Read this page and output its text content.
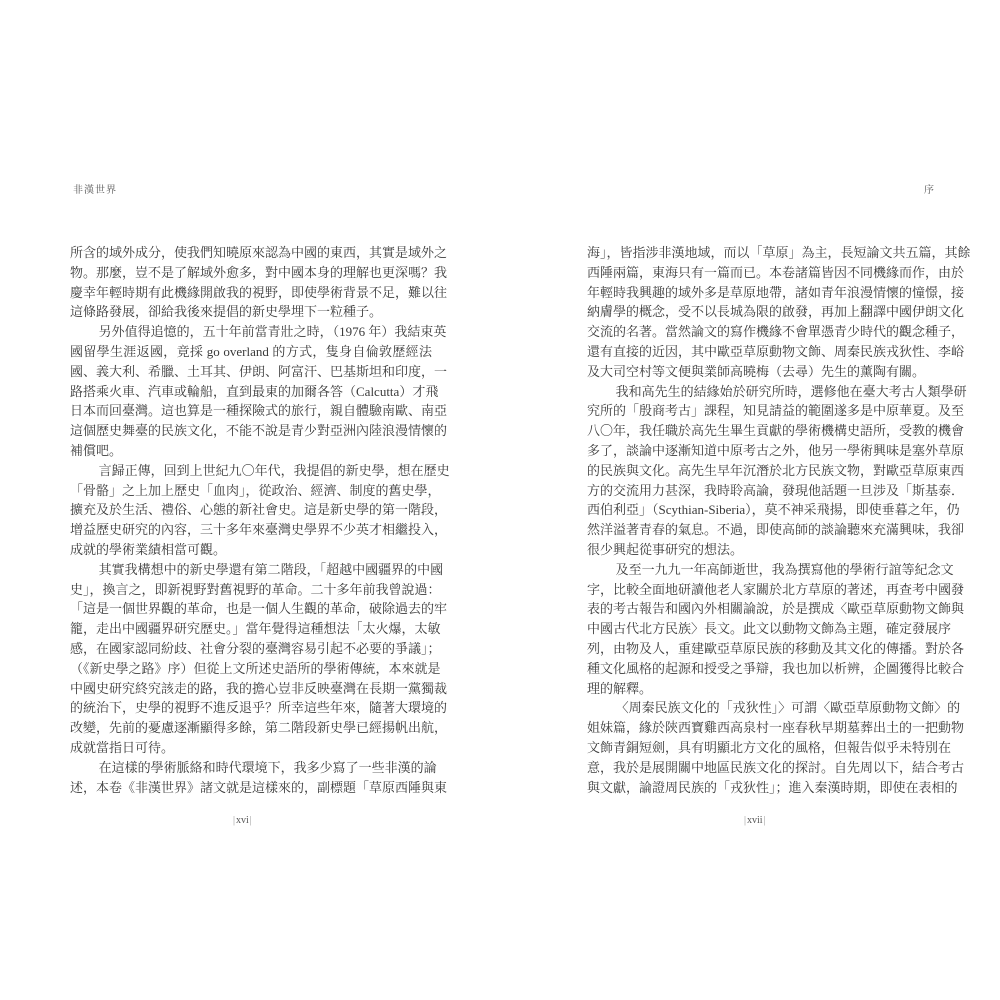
非漢世界	序
所含的域外成分，使我們知曉原來認為中國的東西，其實是域外之
物。那麼，豈不是了解域外愈多，對中國本身的理解也更深嗎？我
慶幸年輕時期有此機緣開啟我的視野，即使學術背景不足，難以往
這條路發展，卻給我後來提倡的新史學埋下一粒種子。
另外值得追憶的，五十年前當青壯之時，（1976 年）我結束英
國留學生涯返國，竟採 go overland 的方式，隻身自倫敦歷經法
國、義大利、希臘、土耳其、伊朗、阿富汗、巴基斯坦和印度，一
路搭乘火車、汽車或輪船，直到最東的加爾各答（Calcutta）才飛
日本而回臺灣。這也算是一種探險式的旅行，親自體驗南歐、南亞
這個歷史舞臺的民族文化，不能不說是青少對亞洲內陸浪漫情懷的
補償吧。
言歸正傳，回到上世紀九〇年代，我提倡的新史學，想在歷史
「骨骼」之上加上歷史「血肉」，從政治、經濟、制度的舊史學，
擴充及於生活、禮俗、心態的新社會史。這是新史學的第一階段，
增益歷史研究的內容，三十多年來臺灣史學界不少英才相繼投入，
成就的學術業績相當可觀。
其實我構想中的新史學還有第二階段，「超越中國疆界的中國
史」，換言之，即新視野對舊視野的革命。二十多年前我曾說過：
「這是一個世界觀的革命，也是一個人生觀的革命，破除過去的牢
籠，走出中國疆界研究歷史。」當年覺得這種想法「太火爆，太敏
感，在國家認同紛歧、社會分裂的臺灣容易引起不必要的爭議」；
（《新史學之路》序）但從上文所述史語所的學術傳統，本來就是
中國史研究終究該走的路，我的擔心豈非反映臺灣在長期一黨獨裁
的統治下，史學的視野不進反退乎？所幸這些年來，隨著大環境的
改變，先前的憂慮逐漸顯得多餘，第二階段新史學已經揚帆出航，
成就當指日可待。
在這樣的學術脈絡和時代環境下，我多少寫了一些非漢的論
述，本卷《非漢世界》諸文就是這樣來的，副標題「草原西陲與東
海」，皆指涉非漢地域，而以「草原」為主，長短論文共五篇，其餘
西陲兩篇，東海只有一篇而已。本卷諸篇皆因不同機緣而作，由於
年輕時我興趣的域外多是草原地帶，諸如青年浪漫情懷的憧憬，接
納膚學的概念，受不以長城為限的啟發，再加上翻譯中國伊朗文化
交流的名著。當然論文的寫作機緣不會單憑青少時代的觀念種子，
還有直接的近因，其中歐亞草原動物文飾、周秦民族戎狄性、李峪
及大司空村等文便與業師高曉梅（去尋）先生的薰陶有關。
我和高先生的結緣始於研究所時，選修他在臺大考古人類學研
究所的「殷商考古」課程，知見請益的範圍遂多是中原華夏。及至
八〇年，我任職於高先生畢生貢獻的學術機構史語所，受教的機會
多了，談論中逐漸知道中原考古之外，他另一學術興味是塞外草原
的民族與文化。高先生早年沉潛於北方民族文物，對歐亞草原東西
方的交流用力甚深，我時聆高論，發現他話題一旦涉及「斯基泰．
西伯利亞」（Scythian-Siberia），莫不神采飛揚，即使垂暮之年，仍
然洋溢著青春的氣息。不過，即使高師的談論聽來充滿興味，我卻
很少興起從事研究的想法。
及至一九九一年高師逝世，我為撰寫他的學術行誼等紀念文
字，比較全面地研讀他老人家關於北方草原的著述，再查考中國發
表的考古報告和國內外相關論說，於是撰成〈歐亞草原動物文飾與
中國古代北方民族〉長文。此文以動物文飾為主題，確定發展序
列，由物及人，重建歐亞草原民族的移動及其文化的傳播。對於各
種文化風格的起源和授受之爭辯，我也加以析辨，企圖獲得比較合
理的解釋。
〈周秦民族文化的「戎狄性」〉可謂〈歐亞草原動物文飾〉的
姐妹篇，緣於陝西寶雞西高泉村一座春秋早期墓葬出土的一把動物
文飾青銅短劍，具有明顯北方文化的風格，但報告似乎未特別在
意，我於是展開關中地區民族文化的探討。自先周以下，結合考古
與文獻，論證周民族的「戎狄性」；進入秦漢時期，即使在表相的
|xvi|	|xvii|
